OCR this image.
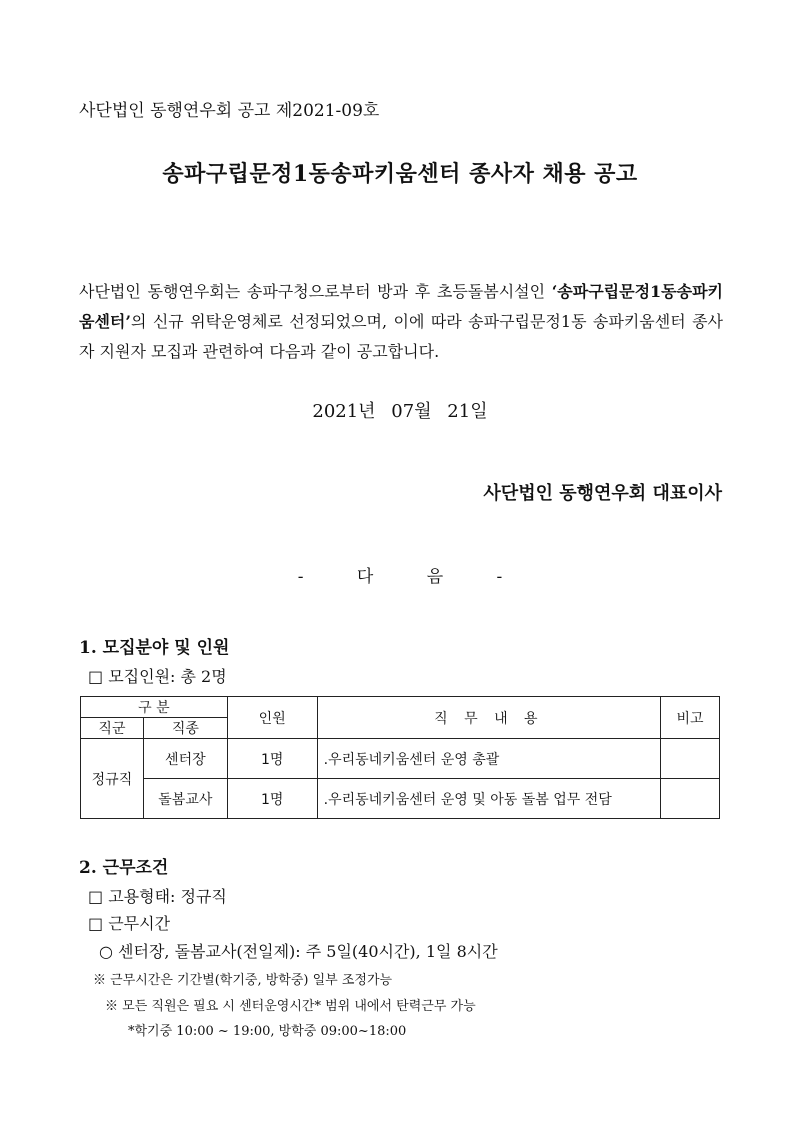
사단법인 동행연우회 공고 제2021-09호
송파구립문정1동송파키움센터 종사자 채용 공고
사단법인 동행연우회는 송파구청으로부터 방과 후 초등돌봄시설인 ‘송파구립문정1동송파키움센터’의 신규 위탁운영체로 선정되었으며, 이에 따라 송파구립문정1동 송파키움센터 종사자 지원자 모집과 관련하여 다음과 같이 공고합니다.
2021년 07월 21일
사단법인 동행연우회 대표이사
-	다	음	-
1. 모집분야 및 인원
□ 모집인원: 총 2명
구 분		인원	직 무 내 용	비고
직군	직종			
정규직	센터장	1명	.우리동네키움센터 운영 총괄	
	돌봄교사	1명	.우리동네키움센터 운영 및 아동 돌봄 업무 전담	
2. 근무조건
□ 고용형태: 정규직
□ 근무시간
○ 센터장, 돌봄교사(전일제): 주 5일(40시간), 1일 8시간
※ 근무시간은 기간별(학기중, 방학중) 일부 조정가능
※ 모든 직원은 필요 시 센터운영시간* 범위 내에서 탄력근무 가능
*학기중 10:00 ~ 19:00, 방학중 09:00~18:00
